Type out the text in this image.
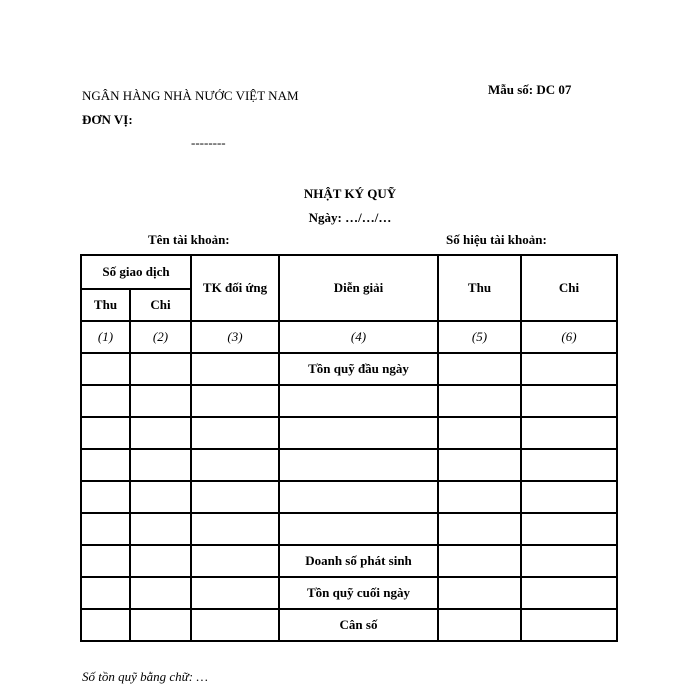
NGÂN HÀNG NHÀ NƯỚC VIỆT NAM
ĐƠN VỊ:
--------
Mẫu số: DC 07
NHẬT KÝ QUỸ
Ngày: …/…/…
Tên tài khoản:	Số hiệu tài khoản:
Số giao dịch		TK đối ứng	Diễn giải	Thu	Chi
Thu	Chi				
(1)	(2)	(3)	(4)	(5)	(6)
			Tồn quỹ đầu ngày		

			Doanh số phát sinh		
			Tồn quỹ cuối ngày		
			Cân số		
Số tồn quỹ bằng chữ: …
